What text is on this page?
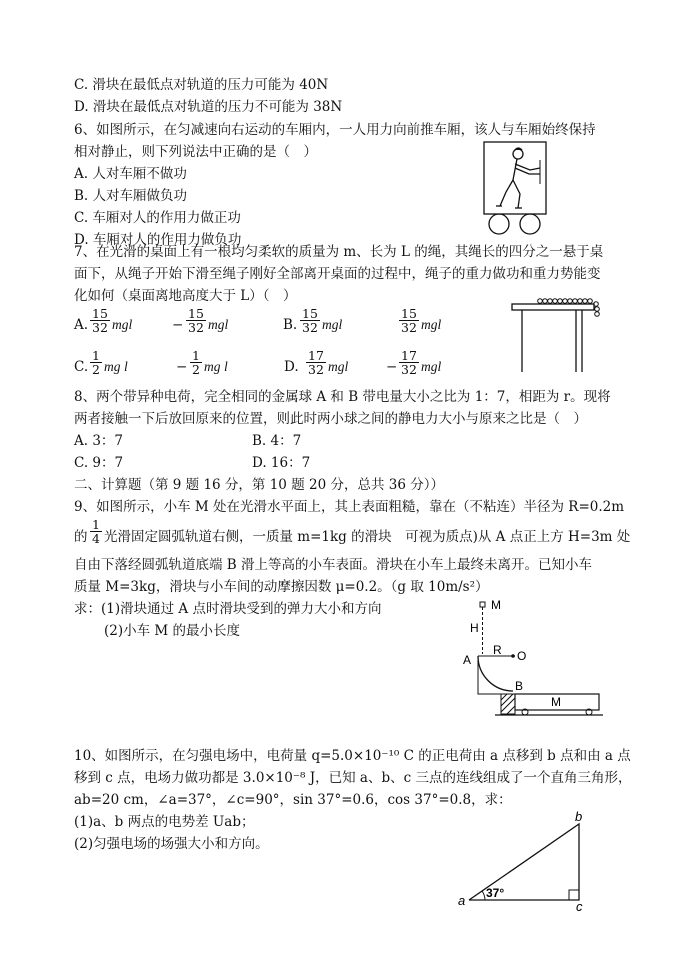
C. 滑块在最低点对轨道的压力可能为 40N
D. 滑块在最低点对轨道的压力不可能为 38N
6、如图所示，在匀减速向右运动的车厢内，一人用力向前推车厢，该人与车厢始终保持
相对静止，则下列说法中正确的是（　）
A. 人对车厢不做功
B. 人对车厢做负功
C. 车厢对人的作用力做正功
D. 车厢对人的作用力做负功
7、在光滑的桌面上有一根均匀柔软的质量为 m、长为 L 的绳，其绳长的四分之一悬于桌
面下，从绳子开始下滑至绳子刚好全部离开桌面的过程中，绳子的重力做功和重力势能变
化如何（桌面离地高度大于 L）（　）
A. $\frac{15}{32}$ mgl	− $\frac{15}{32}$ mgl	B. $\frac{15}{32}$ mgl	$\frac{15}{32}$ mgl
C. $\frac{1}{2}$ mg l	− $\frac{1}{2}$ mg l	D. $\frac{17}{32}$ mgl	− $\frac{17}{32}$ mgl
8、两个带异种电荷，完全相同的金属球 A 和 B 带电量大小之比为 1：7，相距为 r。现将
两者接触一下后放回原来的位置，则此时两小球之间的静电力大小与原来之比是（　）
A. 3：7	B. 4：7
C. 9：7	D. 16：7
二、计算题（第 9 题 16 分，第 10 题 20 分，总共 36 分））
9、如图所示，小车 M 处在光滑水平面上，其上表面粗糙，靠在（不粘连）半径为 R=0.2m
的 $\frac{1}{4}$ 光滑固定圆弧轨道右侧，一质量 m=1kg 的滑块　可视为质点)从 A 点正上方 H=3m 处
自由下落经圆弧轨道底端 B 滑上等高的小车表面。滑块在小车上最终未离开。已知小车
质量 M=3kg，滑块与小车间的动摩擦因数 μ=0.2。（g 取 10m/s²）
求：(1)滑块通过 A 点时滑块受到的弹力大小和方向
(2)小车 M 的最小长度
M
H
R O
A
B
M
10、如图所示，在匀强电场中，电荷量 q=5.0×10⁻¹⁰ C 的正电荷由 a 点移到 b 点和由 a 点
移到 c 点，电场力做功都是 3.0×10⁻⁸ J，已知 a、b、c 三点的连线组成了一个直角三角形，
ab=20 cm，∠a=37°，∠c=90°，sin 37°=0.6，cos 37°=0.8，求：
(1)a、b 两点的电势差 Uab；
(2)匀强电场的场强大小和方向。
37°
a
b
c
